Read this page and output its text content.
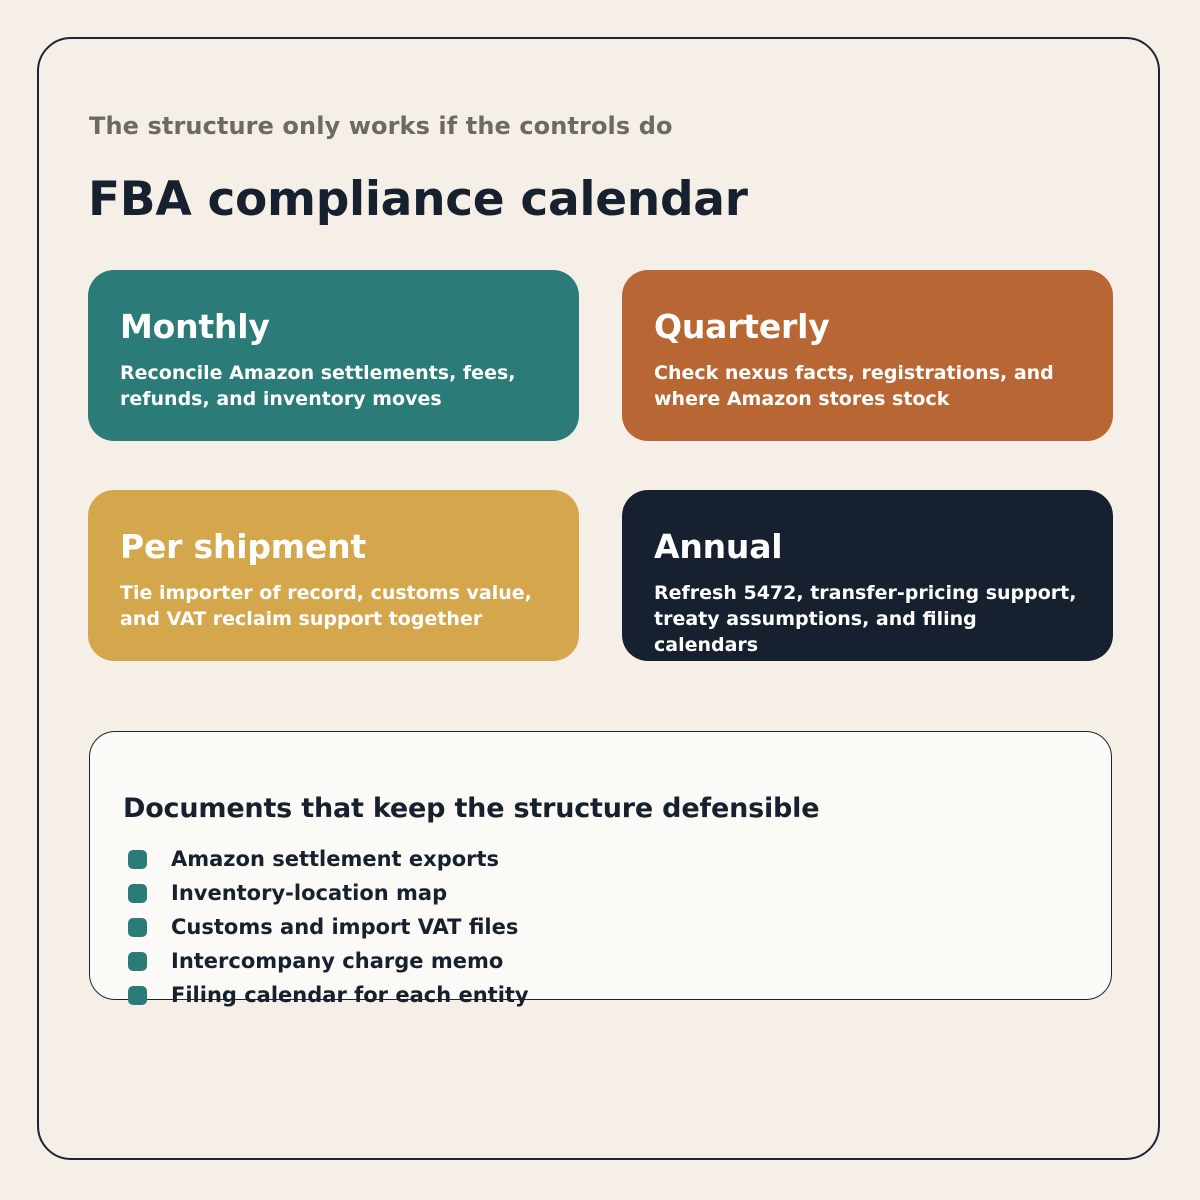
The structure only works if the controls do
FBA compliance calendar
Monthly
Reconcile Amazon settlements, fees,
refunds, and inventory moves
Quarterly
Check nexus facts, registrations, and
where Amazon stores stock
Per shipment
Tie importer of record, customs value,
and VAT reclaim support together
Annual
Refresh 5472, transfer-pricing support,
treaty assumptions, and filing calendars
Documents that keep the structure defensible
Amazon settlement exports
Inventory-location map
Customs and import VAT files
Intercompany charge memo
Filing calendar for each entity
